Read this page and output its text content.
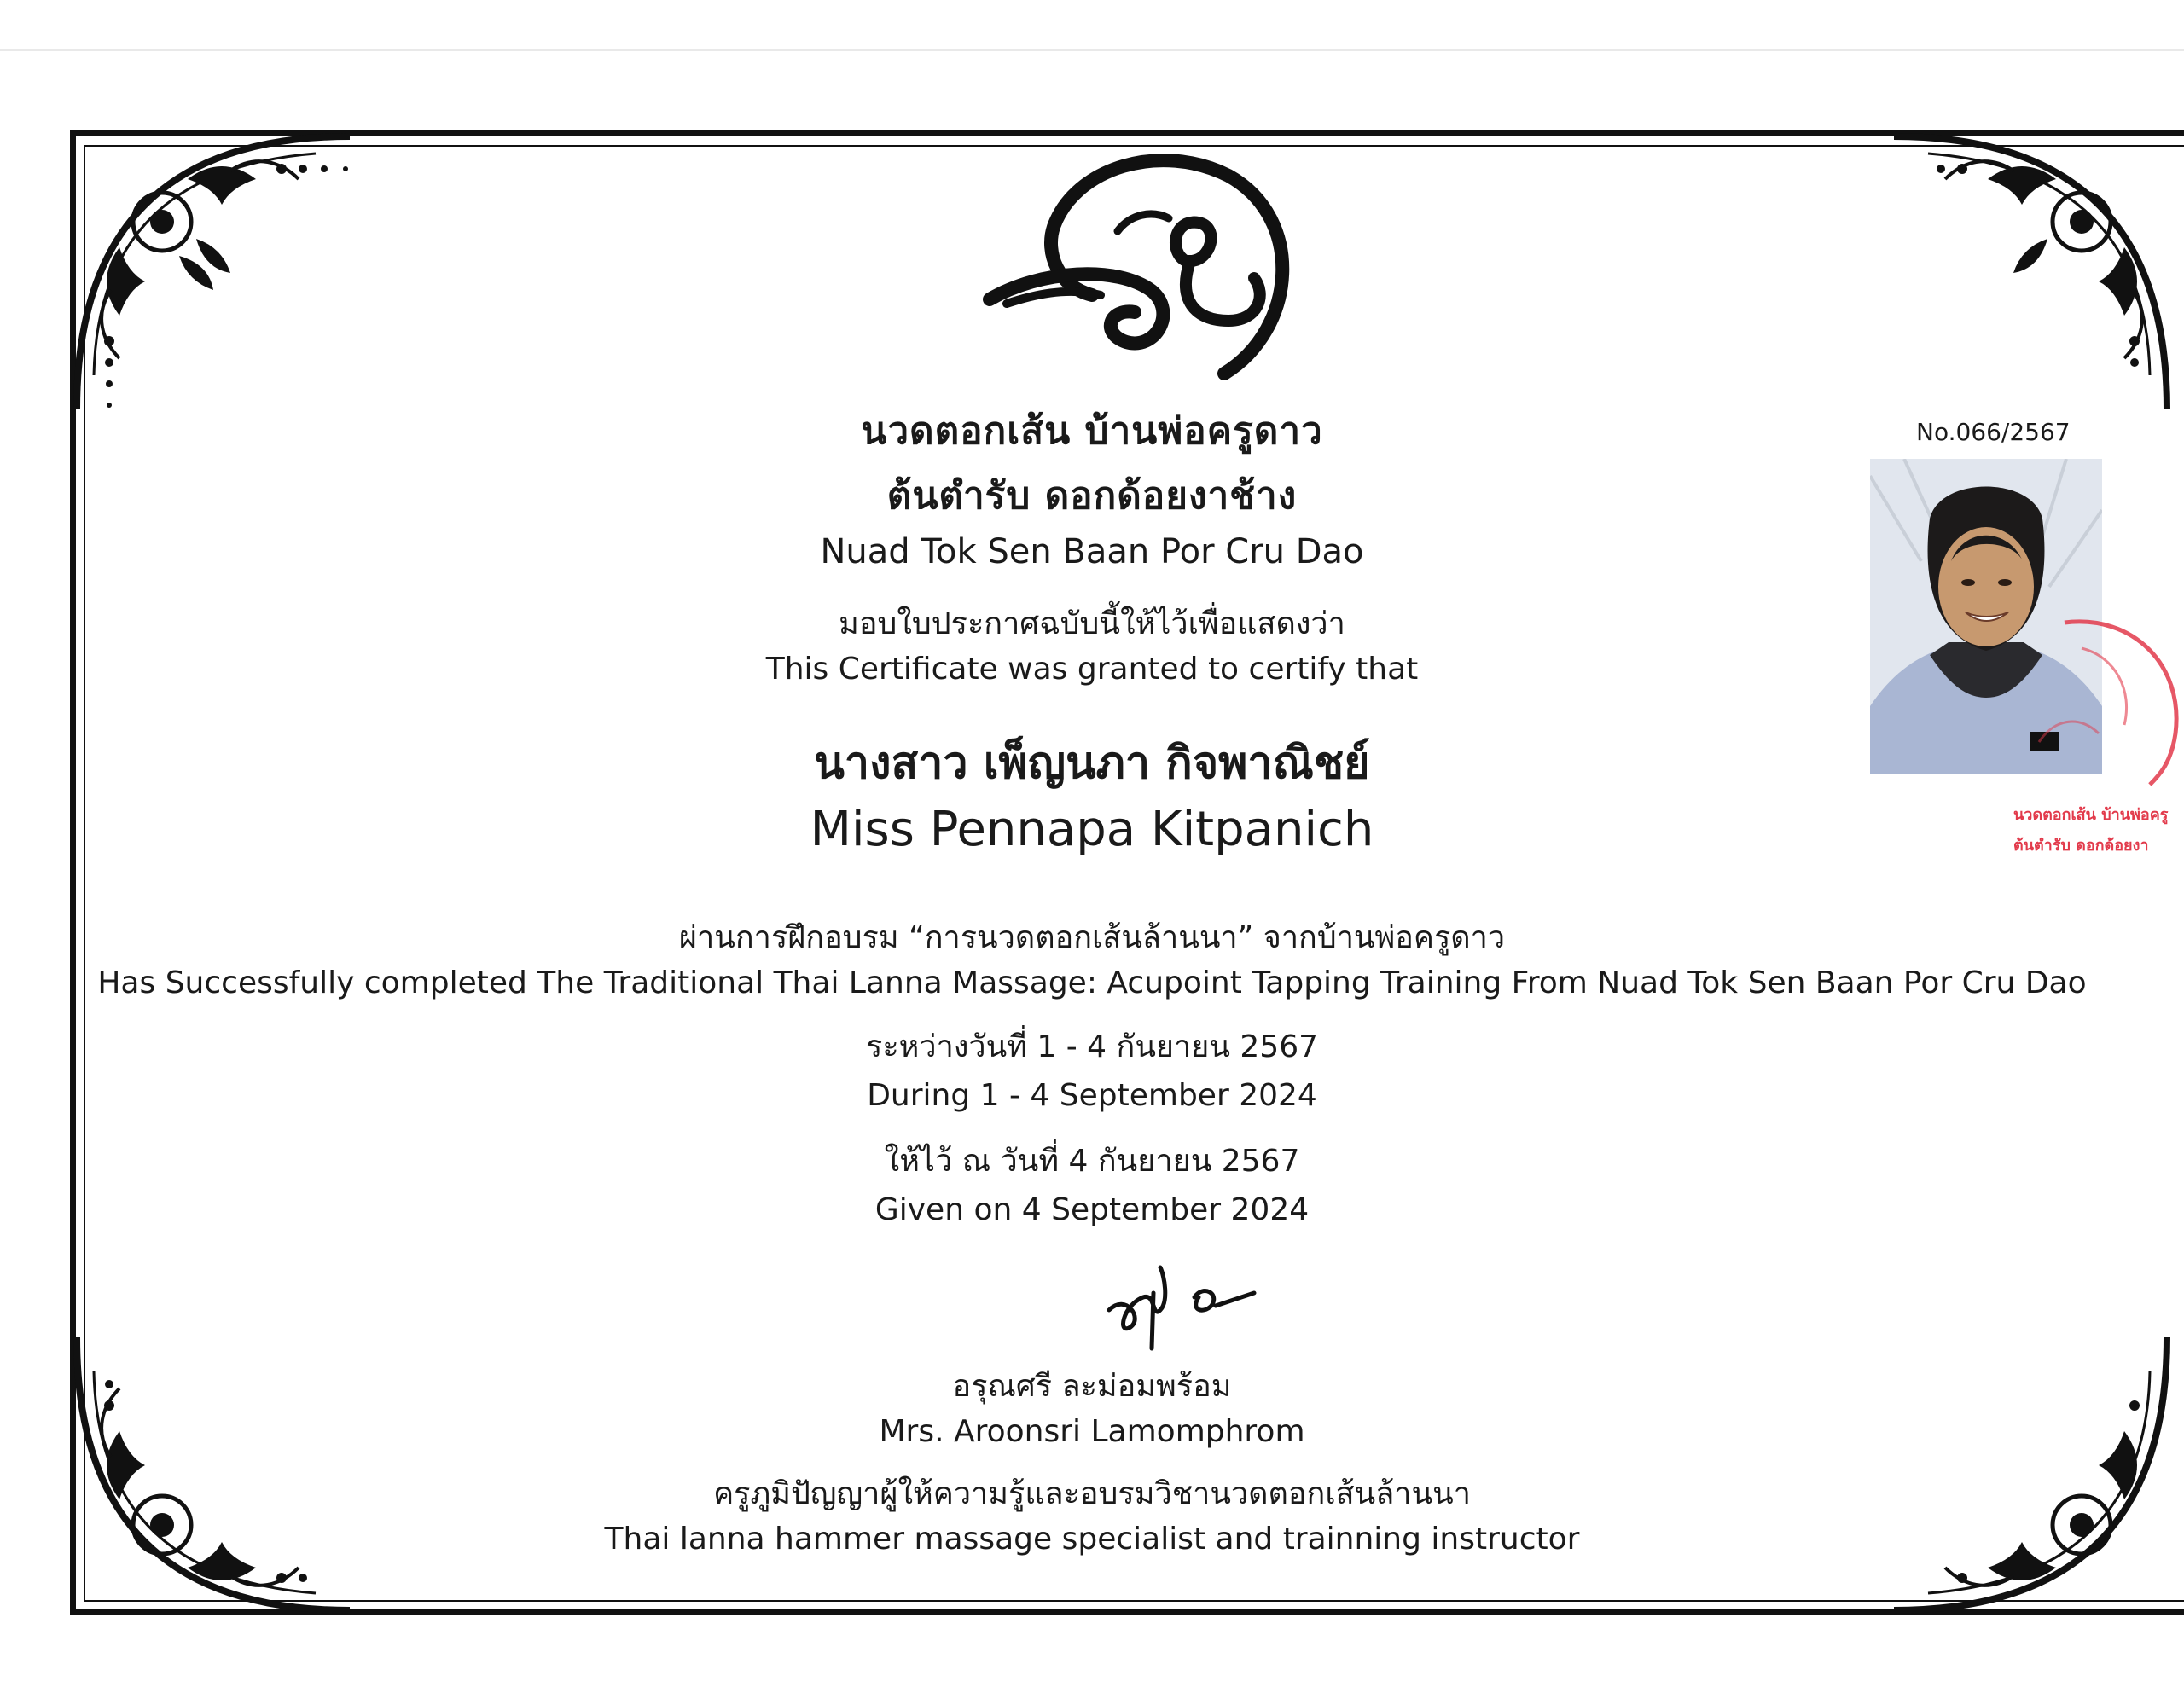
นวดตอกเส้น บ้านพ่อครูดาว
ต้นตำรับ ดอกด้อยงาช้าง
Nuad Tok Sen Baan Por Cru Dao
มอบใบประกาศฉบับนี้ให้ไว้เพื่อแสดงว่า
This Certificate was granted to certify that
นางสาว เพ็ญนภา กิจพาณิชย์
Miss Pennapa Kitpanich
ผ่านการฝึกอบรม “การนวดตอกเส้นล้านนา” จากบ้านพ่อครูดาว
Has Successfully completed The Traditional Thai Lanna Massage: Acupoint Tapping Training From Nuad Tok Sen Baan Por Cru Dao
ระหว่างวันที่ 1 - 4 กันยายน 2567
During 1 - 4 September 2024
ให้ไว้ ณ วันที่ 4 กันยายน 2567
Given on 4 September 2024
อรุณศรี ละม่อมพร้อม
Mrs. Aroonsri Lamomphrom
ครูภูมิปัญญาผู้ให้ความรู้และอบรมวิชานวดตอกเส้นล้านนา
Thai lanna hammer massage specialist and trainning instructor
No.066/2567
นวดตอกเส้น บ้านพ่อครู
ต้นตำรับ ดอกด้อยงา
